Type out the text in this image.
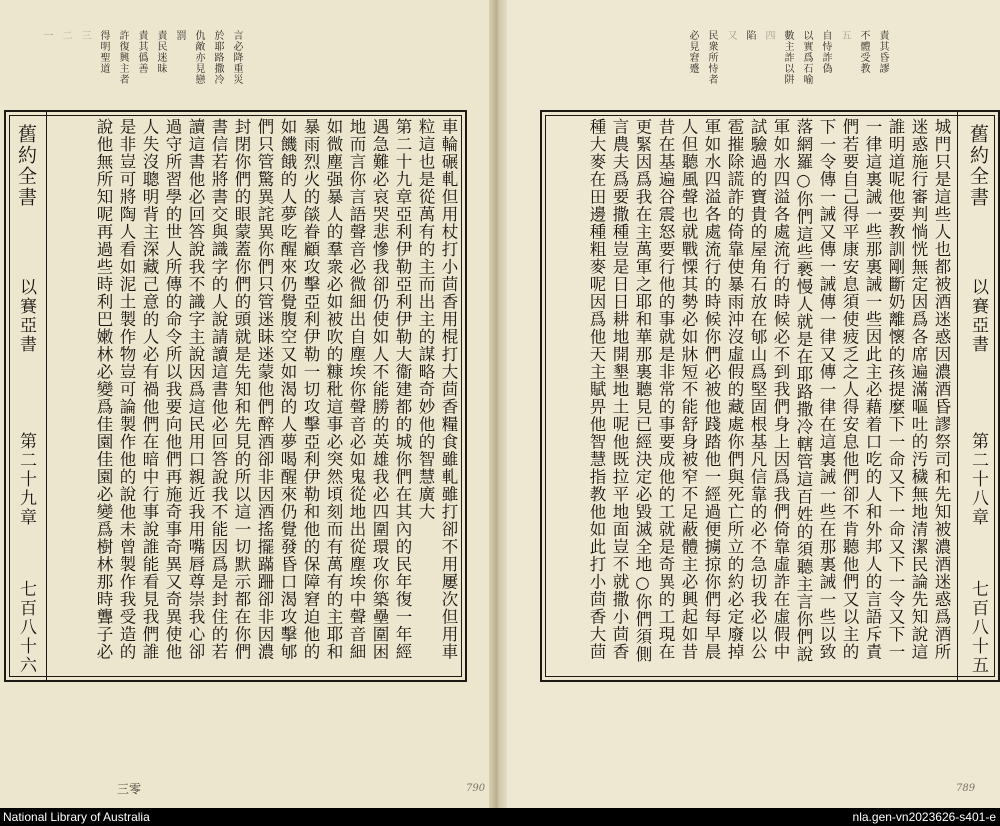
言必降重災
於耶路撒冷
仇敵亦見戀
罰
責民迷昧
責其僞善
許復興主者
得明聖道
三
二
一
舊約全書
以賽亞書
第二十九章
七百八十六
車輪碾軋但用杖打小茴香用棍打大茴香糧食雖軋雖打卻不用屢次但用車
粒這也是從萬有的主而出主的謀略奇妙他的智慧廣大
第二十九章亞利伊勒亞利伊勒大衞建都的城你們在其內的民年復一年經
遇急難必哀哭悲慘我卻仍使如人不能勝的英雄我必四圍環攻你築壘圍困
地而言你言語聲音必微細出自塵埃你聲音必如鬼從地出從塵埃中聲音細
如微塵强暴人的羣衆必如被吹的糠秕這事必突然頃刻而有萬有的主耶和
暴雨烈火的燄眷顧攻擊亞利伊勒一切攻擊亞利伊勒和他的保障窘迫他的
如饑餓的人夢吃醒來仍覺腹空又如渴的人夢喝醒來仍覺發昏口渴攻擊郇
們只管驚異詫異你們只管迷眛迷蒙他們醉酒卻非因酒搖擺蹣跚卻非因濃
封閉你們的眼蒙蓋你們的頭就是先知和先見的所以這一切默示都在你們
書信若將書交與識字的人說請讀這書他必回答說我不能因爲是封住的若
讀這書他必回答說我不識字主說因爲這民用口親近我用嘴唇尊崇我心卻
過守所習學的世人所傳的命令所以我要向他們再施奇事奇異又奇異使他
人失沒聰明背主深藏己意的人必有禍他們在暗中行事說誰能看見我們誰
是非豈可將陶人看如泥土製作物豈可論製作他的說他未曾製作我受造的
說他無所知呢再過些時利巴嫩林必變爲佳園佳園必變爲樹林那時聾子必
三零	790
責其昏謬
不體受教
五
自恃詐偽
以實爲石喻
數主詐以阱
四
陷
又
民衆所恃者
必見窘蹙
789
舊約全書
以賽亞書
第二十八章
七百八十五
城門只是這些人也都被酒迷惑因濃酒昏謬祭司和先知被濃酒迷惑爲酒所
迷惑施行審判惝恍無定因爲各席遍滿嘔吐的汚穢無地清潔民論先知說這
誰明道呢他要教訓剛斷奶離懷的孩提麼下一命又下一命又下一令又下一
一律這裏誡一些那裏誡一些因此主必藉着口吃的人和外邦人的言語斥責
們若要自己得平康安息須使疲乏之人得安息他們卻不肯聽他們又以主的
下一令傳一誡又傳一誡傳一律又傳一律在這裏誡一些在那裏誡一些以致
落網羅○你們這些褻慢人就是在耶路撒冷轄管這百姓的須聽主言你們說
軍如水四溢各處流行的時候必不到我們身上因爲我們倚靠虛詐在虛假中
試驗過的寶貴的屋角石放在郇山爲堅固根基凡信靠的必不急切我必以公
雹摧除謊詐的倚靠使暴雨沖沒虛假的藏處你們與死亡所立的約必定廢掉
軍如水四溢各處流行的時候你們必被他踐踏他一經過便擄掠你們每早晨
人但聽風聲也就戰慄其勢必如牀短不能舒身被窄不足蔽體主必興起如昔
昔在基遍谷震怒要行他的事就是非常的事要成他的工就是奇異的工現在
更緊因爲我在主萬軍之耶和華那裏聽見已經決定必毀滅全地○你們須側
言農夫爲要撒種豈是日日耕地開墾地土呢他既拉平地面豈不就撒小茴香
種大麥在田邊種粗麥呢因爲他天主賦畀他智慧指教他如此打小茴香大茴
National Library of Australia	nla.gen-vn2023626-s401-e
